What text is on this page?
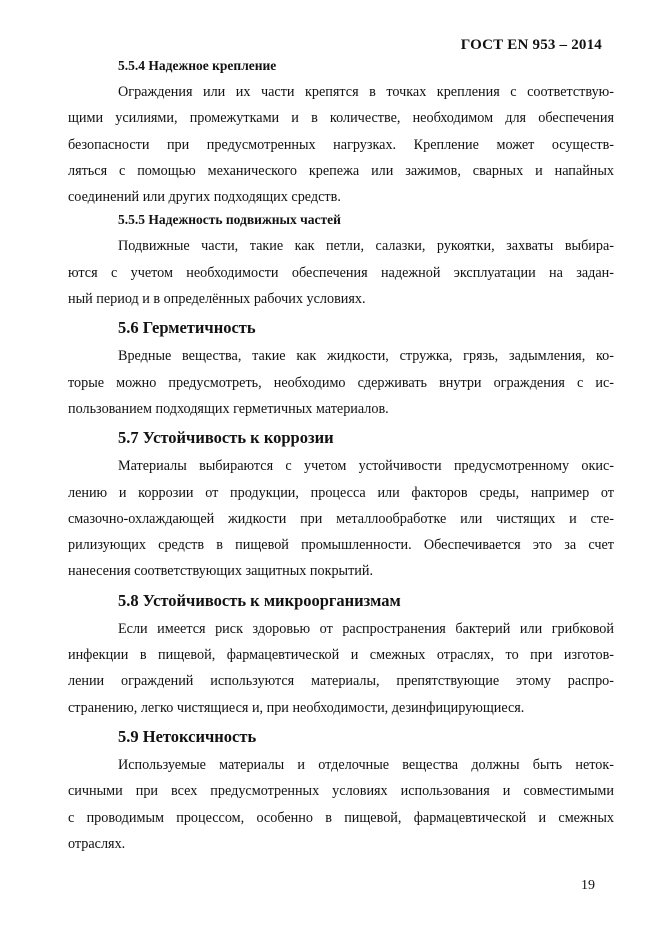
ГОСТ EN 953 – 2014
5.5.4 Надежное крепление
Ограждения или их части крепятся в точках крепления с соответствую-
щими усилиями, промежутками и в количестве, необходимом для обеспечения
безопасности при предусмотренных нагрузках. Крепление может осуществ-
ляться с помощью механического крепежа или зажимов, сварных и напайных
соединений или других подходящих средств.
5.5.5 Надежность подвижных частей
Подвижные части, такие как петли, салазки, рукоятки, захваты выбира-
ются с учетом необходимости обеспечения надежной эксплуатации на задан-
ный период и в определённых рабочих условиях.
5.6 Герметичность
Вредные вещества, такие как жидкости, стружка, грязь, задымления, ко-
торые можно предусмотреть, необходимо сдерживать внутри ограждения с ис-
пользованием подходящих герметичных материалов.
5.7 Устойчивость к коррозии
Материалы выбираются с учетом устойчивости предусмотренному окис-
лению и коррозии от продукции, процесса или факторов среды, например от
смазочно-охлаждающей жидкости при металлообработке или чистящих и сте-
рилизующих средств в пищевой промышленности. Обеспечивается это за счет
нанесения соответствующих защитных покрытий.
5.8 Устойчивость к микроорганизмам
Если имеется риск здоровью от распространения бактерий или грибковой
инфекции в пищевой, фармацевтической и смежных отраслях, то при изготов-
лении ограждений используются материалы, препятствующие этому распро-
странению, легко чистящиеся и, при необходимости, дезинфицирующиеся.
5.9 Нетоксичность
Используемые материалы и отделочные вещества должны быть неток-
сичными при всех предусмотренных условиях использования и совместимыми
с проводимым процессом, особенно в пищевой, фармацевтической и смежных
отраслях.
19
